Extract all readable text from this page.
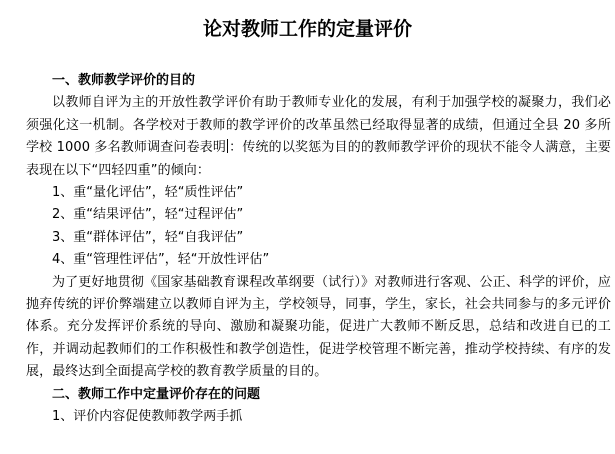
论对教师工作的定量评价

一、教师教学评价的目的

以教师自评为主的开放性教学评价有助于教师专业化的发展，有利于加强学校的凝聚力，我们必须强化这一机制。各学校对于教师的教学评价的改革虽然已经取得显著的成绩，但通过全县 20 多所学校 1000 多名教师调查问卷表明 ：传统的以奖惩为目的的教师教学评价的现状不能令人满意，主要表现在以下“四轻四重”的倾向：

1、重“量化评估”，轻“质性评估”

2、重“结果评估”，轻“过程评估”

3、重“群体评估”，轻“自我评估”

4、重“管理性评估”，轻“开放性评估”

为了更好地贯彻《国家基础教育课程改革纲要（试行）》对教师进行客观、公正、科学的评价，应抛弃传统的评价弊端建立以教师自评为主，学校领导，同事，学生，家长，社会共同参与的多元评价体系。充分发挥评价系统的导向、激励和凝聚功能，促进广大教师不断反思，总结和改进自已的工作，并调动起教师们的工作积极性和教学创造性，促进学校管理不断完善，推动学校持续、有序的发展，最终达到全面提高学校的教育教学质量的目的。

二、教师工作中定量评价存在的问题

1、评价内容促使教师教学两手抓
